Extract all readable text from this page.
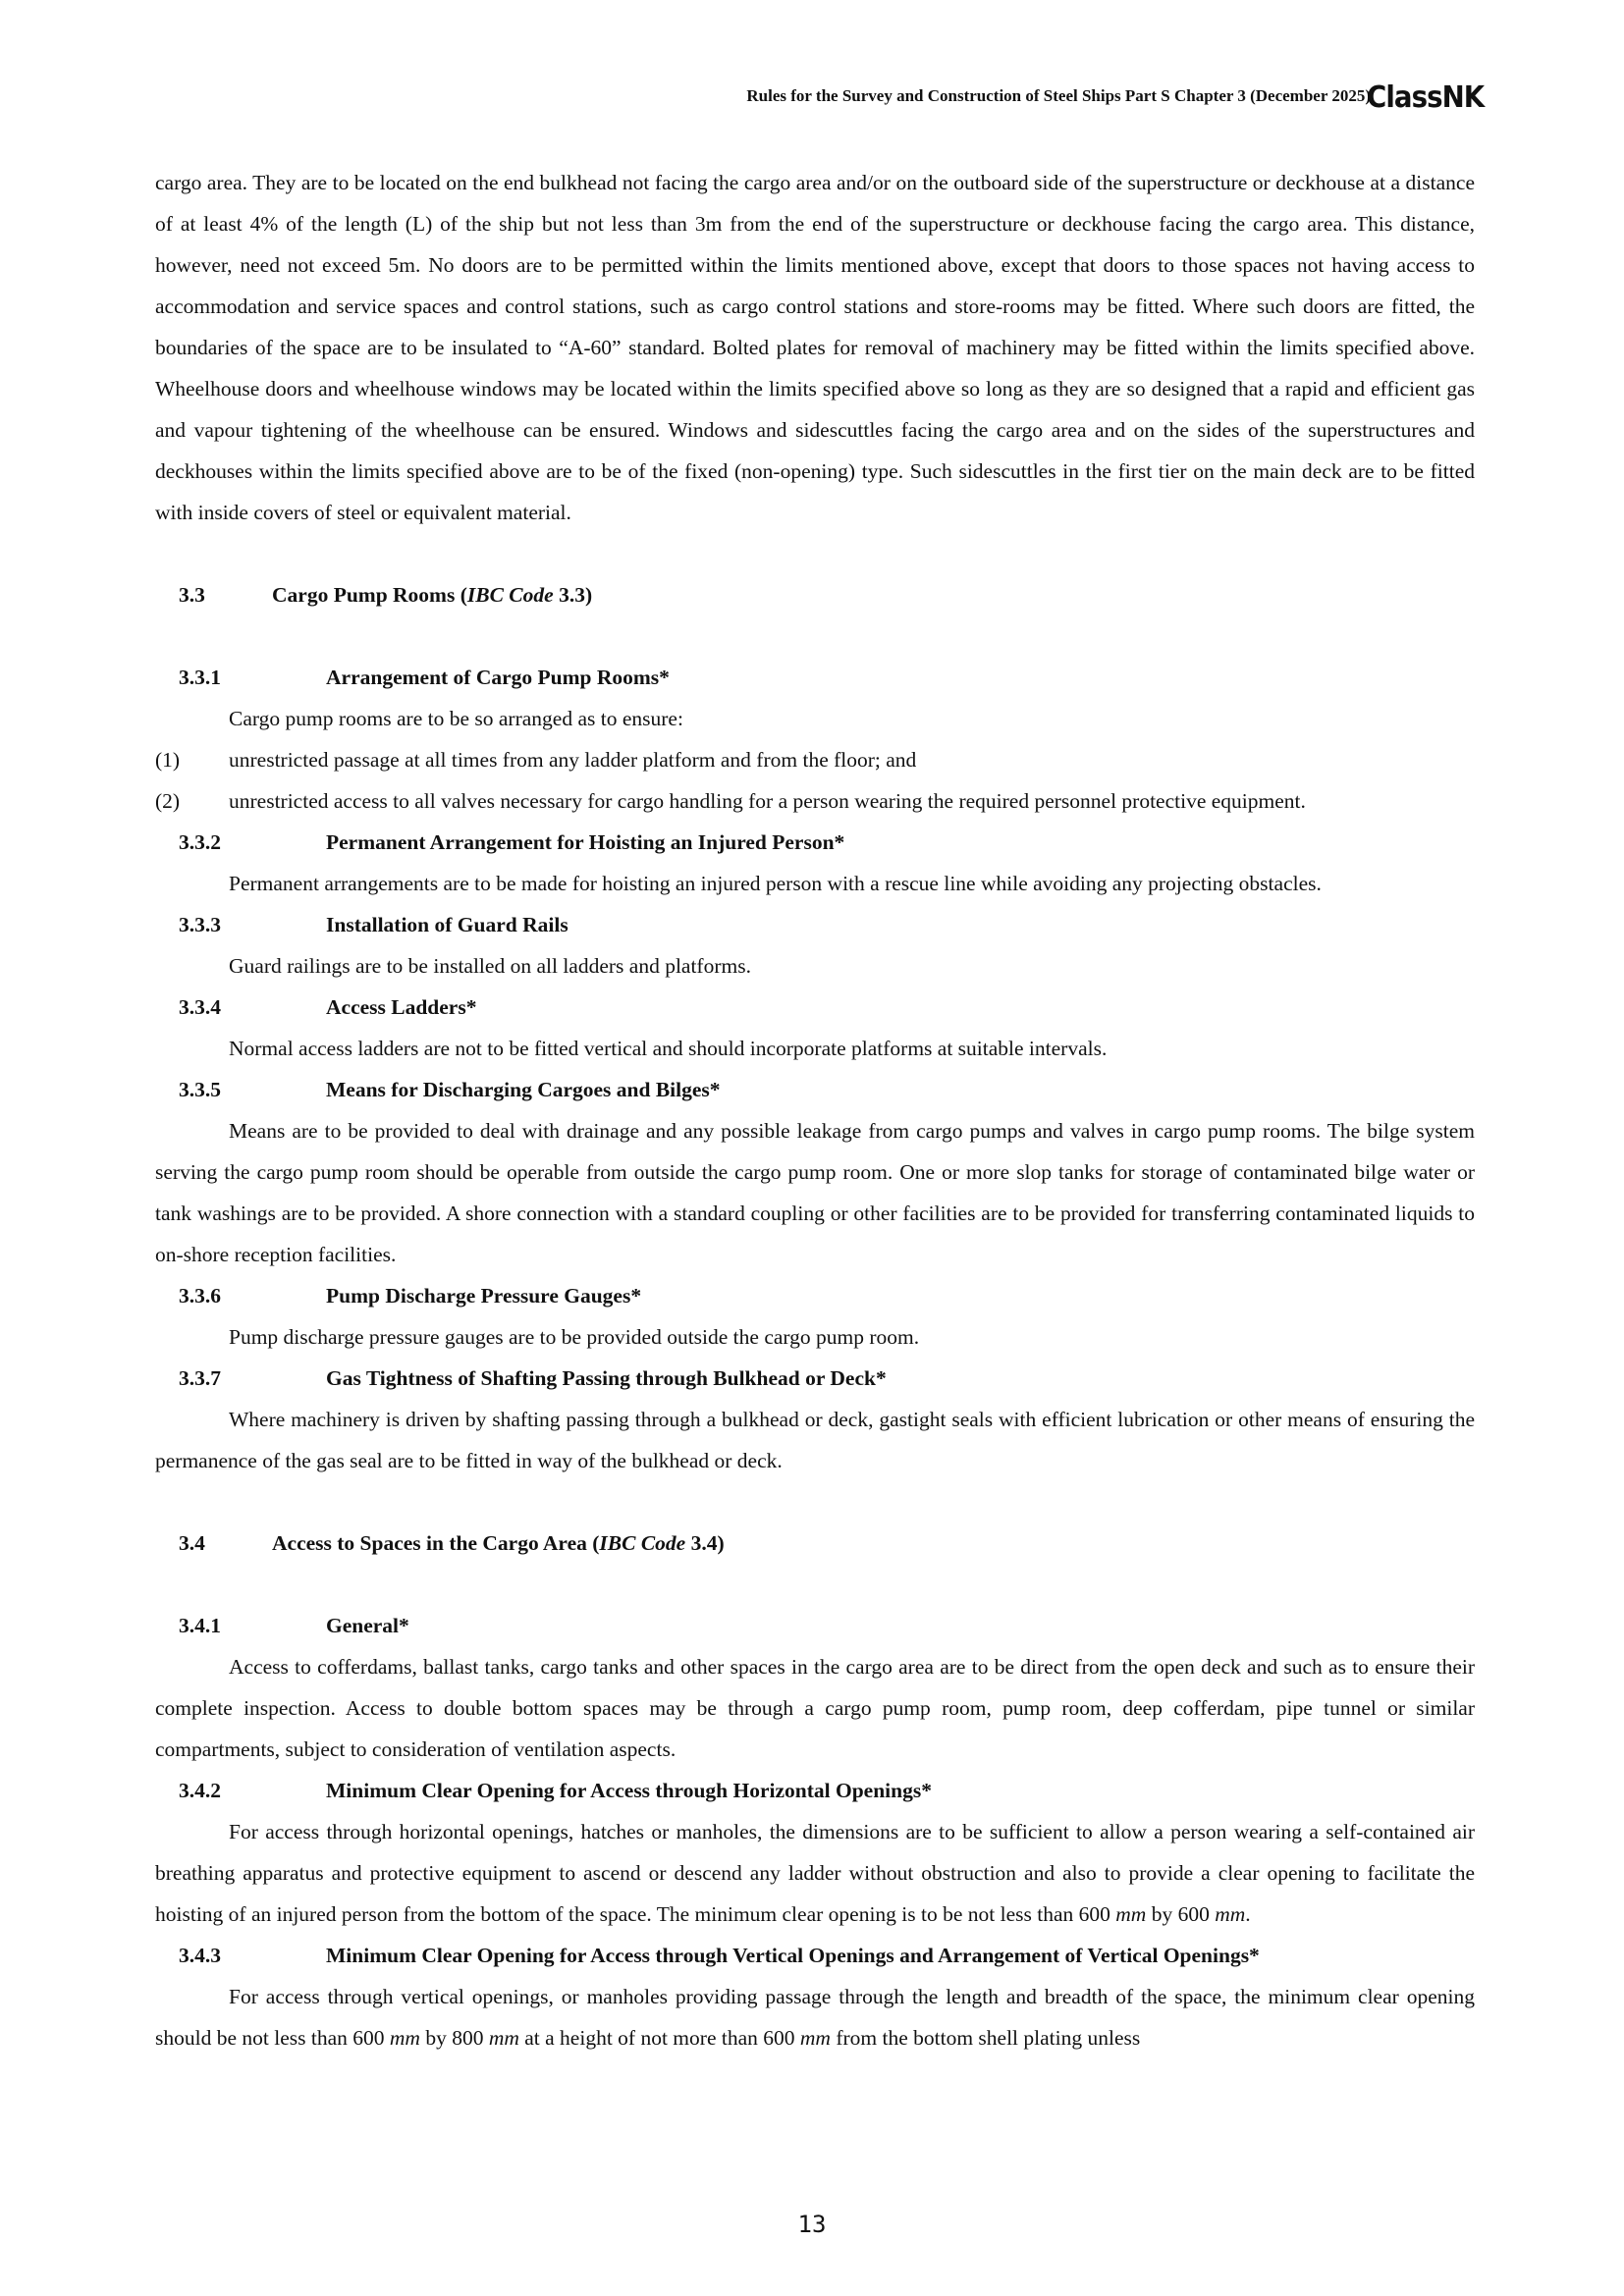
Rules for the Survey and Construction of Steel Ships Part S Chapter 3 (December 2025)
ClassNK

cargo area. They are to be located on the end bulkhead not facing the cargo area and/or on the outboard side of the superstructure or deckhouse at a distance of at least 4% of the length (L) of the ship but not less than 3m from the end of the superstructure or deckhouse facing the cargo area. This distance, however, need not exceed 5m. No doors are to be permitted within the limits mentioned above, except that doors to those spaces not having access to accommodation and service spaces and control stations, such as cargo control stations and store-rooms may be fitted. Where such doors are fitted, the boundaries of the space are to be insulated to “A-60” standard. Bolted plates for removal of machinery may be fitted within the limits specified above. Wheelhouse doors and wheelhouse windows may be located within the limits specified above so long as they are so designed that a rapid and efficient gas and vapour tightening of the wheelhouse can be ensured. Windows and sidescuttles facing the cargo area and on the sides of the superstructures and deckhouses within the limits specified above are to be of the fixed (non-opening) type. Such sidescuttles in the first tier on the main deck are to be fitted with inside covers of steel or equivalent material.

3.3	Cargo Pump Rooms (IBC Code 3.3)
3.3.1	Arrangement of Cargo Pump Rooms*

Cargo pump rooms are to be so arranged as to ensure:

(1)	unrestricted passage at all times from any ladder platform and from the floor; and
(2)	unrestricted access to all valves necessary for cargo handling for a person wearing the required personnel protective equipment.
3.3.2	Permanent Arrangement for Hoisting an Injured Person*

Permanent arrangements are to be made for hoisting an injured person with a rescue line while avoiding any projecting obstacles.

3.3.3	Installation of Guard Rails

Guard railings are to be installed on all ladders and platforms.

3.3.4	Access Ladders*

Normal access ladders are not to be fitted vertical and should incorporate platforms at suitable intervals.

3.3.5	Means for Discharging Cargoes and Bilges*

Means are to be provided to deal with drainage and any possible leakage from cargo pumps and valves in cargo pump rooms. The bilge system serving the cargo pump room should be operable from outside the cargo pump room. One or more slop tanks for storage of contaminated bilge water or tank washings are to be provided. A shore connection with a standard coupling or other facilities are to be provided for transferring contaminated liquids to on-shore reception facilities.

3.3.6	Pump Discharge Pressure Gauges*

Pump discharge pressure gauges are to be provided outside the cargo pump room.

3.3.7	Gas Tightness of Shafting Passing through Bulkhead or Deck*

Where machinery is driven by shafting passing through a bulkhead or deck, gastight seals with efficient lubrication or other means of ensuring the permanence of the gas seal are to be fitted in way of the bulkhead or deck.

3.4	Access to Spaces in the Cargo Area (IBC Code 3.4)
3.4.1	General*

Access to cofferdams, ballast tanks, cargo tanks and other spaces in the cargo area are to be direct from the open deck and such as to ensure their complete inspection. Access to double bottom spaces may be through a cargo pump room, pump room, deep cofferdam, pipe tunnel or similar compartments, subject to consideration of ventilation aspects.

3.4.2	Minimum Clear Opening for Access through Horizontal Openings*

For access through horizontal openings, hatches or manholes, the dimensions are to be sufficient to allow a person wearing a self-contained air breathing apparatus and protective equipment to ascend or descend any ladder without obstruction and also to provide a clear opening to facilitate the hoisting of an injured person from the bottom of the space. The minimum clear opening is to be not less than 600 mm by 600 mm.

3.4.3	Minimum Clear Opening for Access through Vertical Openings and Arrangement of Vertical Openings*

For access through vertical openings, or manholes providing passage through the length and breadth of the space, the minimum clear opening should be not less than 600 mm by 800 mm at a height of not more than 600 mm from the bottom shell plating unless

13
